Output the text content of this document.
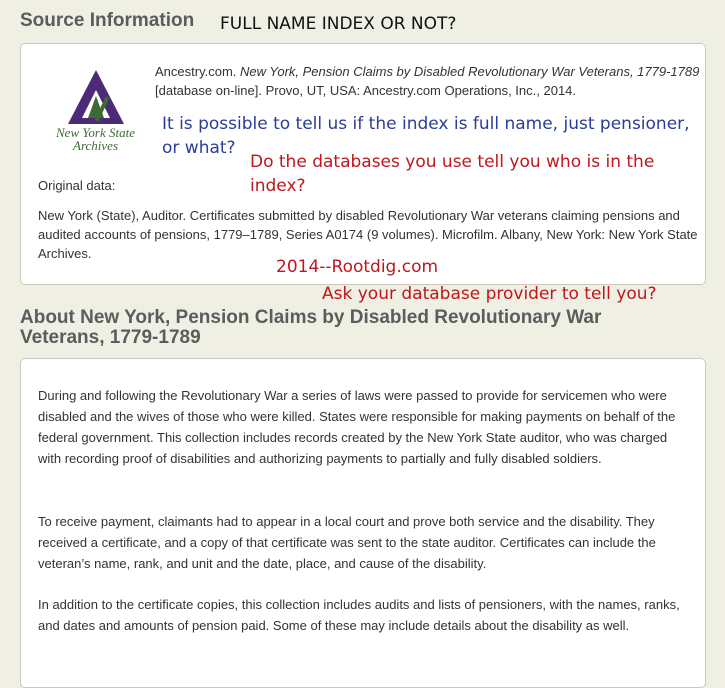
Source Information FULL NAME INDEX OR NOT?
New York State Archives
Ancestry.com. New York, Pension Claims by Disabled Revolutionary War Veterans, 1779-1789 [database on-line]. Provo, UT, USA: Ancestry.com Operations, Inc., 2014.
Original data:
New York (State), Auditor. Certificates submitted by disabled Revolutionary War veterans claiming pensions and audited accounts of pensions, 1779–1789, Series A0174 (9 volumes). Microfilm. Albany, New York: New York State Archives.
It is possible to tell us if the index is full name, just pensioner, or what?
Do the databases you use tell you who is in the index?
2014--Rootdig.com
Ask your database provider to tell you?
About New York, Pension Claims by Disabled Revolutionary War Veterans, 1779-1789
During and following the Revolutionary War a series of laws were passed to provide for servicemen who were disabled and the wives of those who were killed. States were responsible for making payments on behalf of the federal government. This collection includes records created by the New York State auditor, who was charged with recording proof of disabilities and authorizing payments to partially and fully disabled soldiers.
To receive payment, claimants had to appear in a local court and prove both service and the disability. They received a certificate, and a copy of that certificate was sent to the state auditor. Certificates can include the veteran’s name, rank, and unit and the date, place, and cause of the disability.
In addition to the certificate copies, this collection includes audits and lists of pensioners, with the names, ranks, and dates and amounts of pension paid. Some of these may include details about the disability as well.
